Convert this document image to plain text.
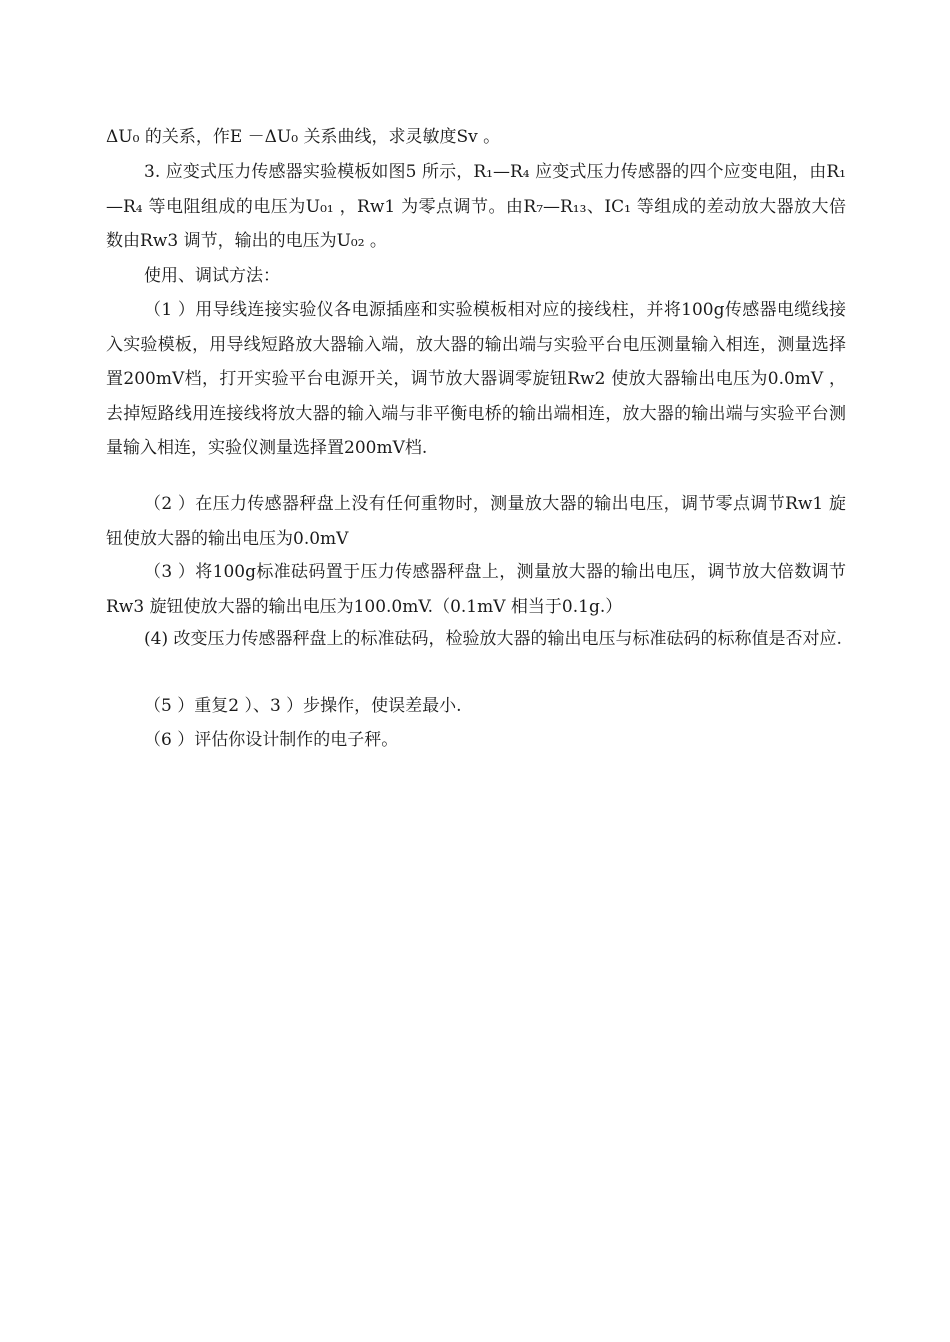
ΔU₀ 的关系，作E －ΔU₀ 关系曲线，求灵敏度Sv 。

3. 应变式压力传感器实验模板如图5 所示，R₁—R₄ 应变式压力传感器的四个应变电阻，由R₁—R₄ 等电阻组成的电压为U₀₁ ，Rw1 为零点调节。由R₇—R₁₃、IC₁ 等组成的差动放大器放大倍数由Rw3 调节，输出的电压为U₀₂ 。

使用、调试方法：

（1 ）用导线连接实验仪各电源插座和实验模板相对应的接线柱，并将100g传感器电缆线接入实验模板，用导线短路放大器输入端，放大器的输出端与实验平台电压测量输入相连，测量选择置200mV档，打开实验平台电源开关，调节放大器调零旋钮Rw2 使放大器输出电压为0.0mV ，去掉短路线用连接线将放大器的输入端与非平衡电桥的输出端相连，放大器的输出端与实验平台测量输入相连，实验仪测量选择置200mV档.

（2 ）在压力传感器秤盘上没有任何重物时，测量放大器的输出电压，调节零点调节Rw1 旋钮使放大器的输出电压为0.0mV

（3 ）将100g标准砝码置于压力传感器秤盘上，测量放大器的输出电压，调节放大倍数调节Rw3 旋钮使放大器的输出电压为100.0mV.（0.1mV 相当于0.1g.）

(4) 改变压力传感器秤盘上的标准砝码，检验放大器的输出电压与标准砝码的标称值是否对应.

（5 ）重复2 ）、3 ）步操作，使误差最小.

（6 ）评估你设计制作的电子秤。
